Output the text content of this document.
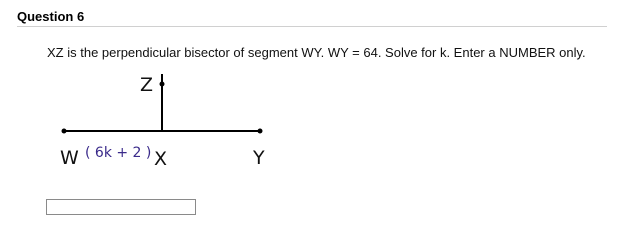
Question 6
XZ is the perpendicular bisector of segment WY. WY = 64. Solve for k. Enter a NUMBER only.
Z
W ( 6k + 2 ) X	Y
